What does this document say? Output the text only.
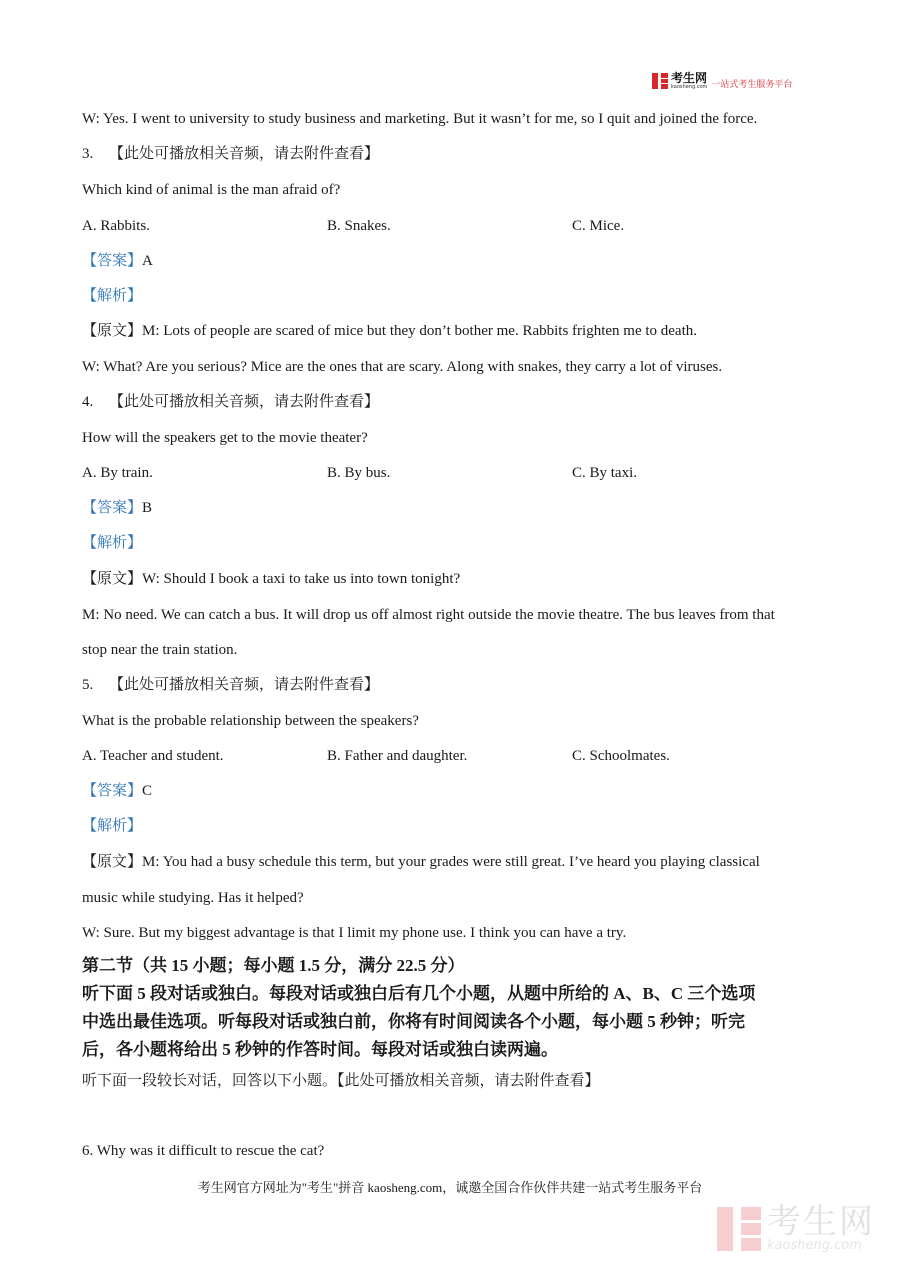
考生网
kaosheng.com 一站式考生服务平台
W: Yes. I went to university to study business and marketing. But it wasn’t for me, so I quit and joined the force.
3. 【此处可播放相关音频，请去附件查看】
Which kind of animal is the man afraid of?
A. Rabbits.	B. Snakes.	C. Mice.
【答案】A
【解析】
【原文】M: Lots of people are scared of mice but they don’t bother me. Rabbits frighten me to death.
W: What? Are you serious? Mice are the ones that are scary. Along with snakes, they carry a lot of viruses.
4. 【此处可播放相关音频，请去附件查看】
How will the speakers get to the movie theater?
A. By train.	B. By bus.	C. By taxi.
【答案】B
【解析】
【原文】W: Should I book a taxi to take us into town tonight?
M: No need. We can catch a bus. It will drop us off almost right outside the movie theatre. The bus leaves from that
stop near the train station.
5. 【此处可播放相关音频，请去附件查看】
What is the probable relationship between the speakers?
A. Teacher and student.	B. Father and daughter.	C. Schoolmates.
【答案】C
【解析】
【原文】M: You had a busy schedule this term, but your grades were still great. I’ve heard you playing classical
music while studying. Has it helped?
W: Sure. But my biggest advantage is that I limit my phone use. I think you can have a try.
第二节（共 15 小题；每小题 1.5 分，满分 22.5 分）
听下面 5 段对话或独白。每段对话或独白后有几个小题，从题中所给的 A、B、C 三个选项
中选出最佳选项。听每段对话或独白前，你将有时间阅读各个小题，每小题 5 秒钟；听完
后，各小题将给出 5 秒钟的作答时间。每段对话或独白读两遍。
听下面一段较长对话，回答以下小题。【此处可播放相关音频，请去附件查看】
6. Why was it difficult to rescue the cat?
考生网官方网址为"考生"拼音 kaosheng.com，诚邀全国合作伙伴共建一站式考生服务平台
考生网
kaosheng.com
